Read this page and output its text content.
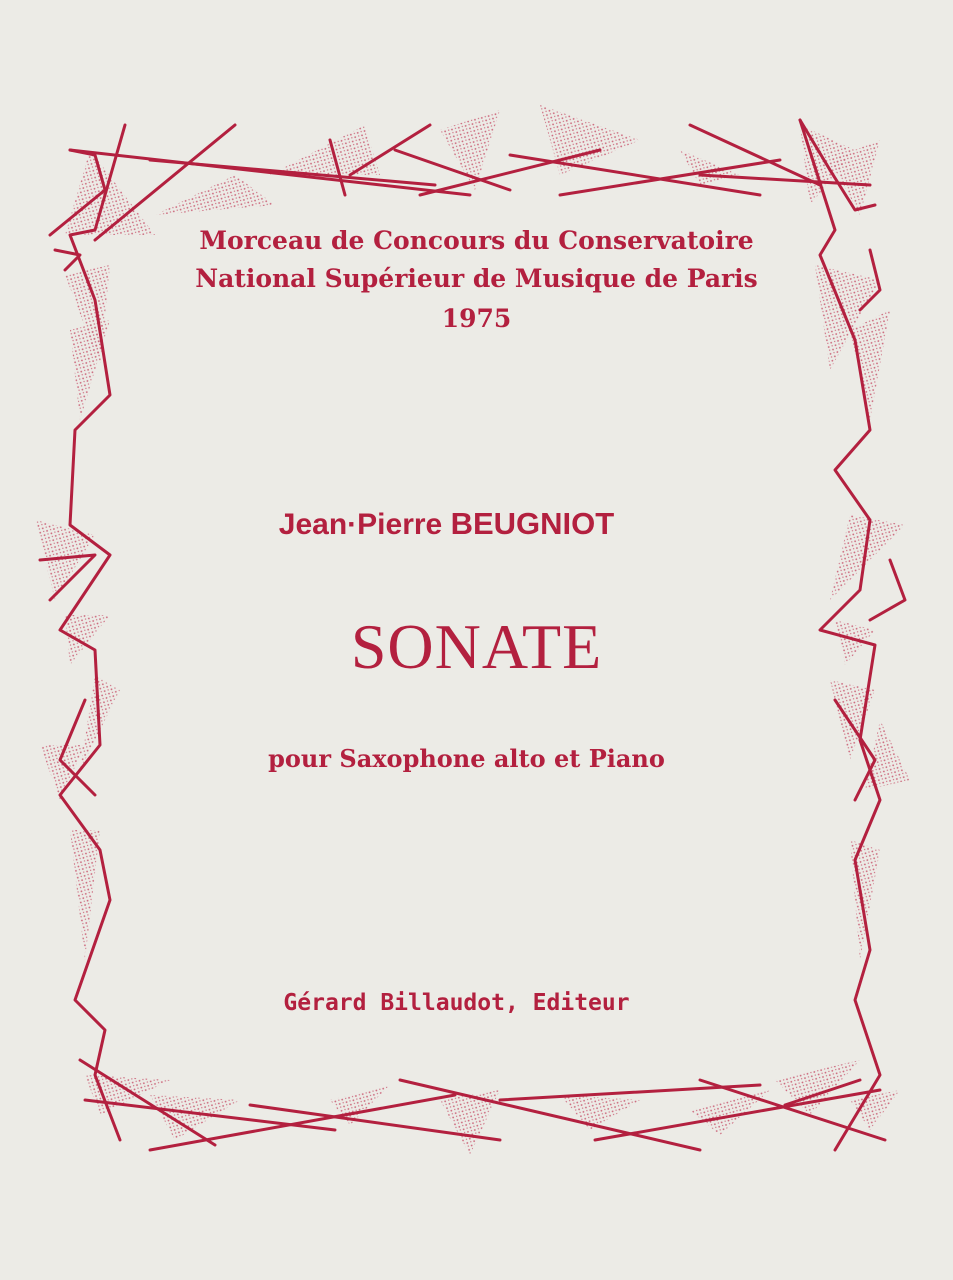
Morceau de Concours du Conservatoire
National Supérieur de Musique de Paris
1975
Jean·Pierre BEUGNIOT
SONATE
pour Saxophone alto et Piano
Gérard Billaudot, Editeur
